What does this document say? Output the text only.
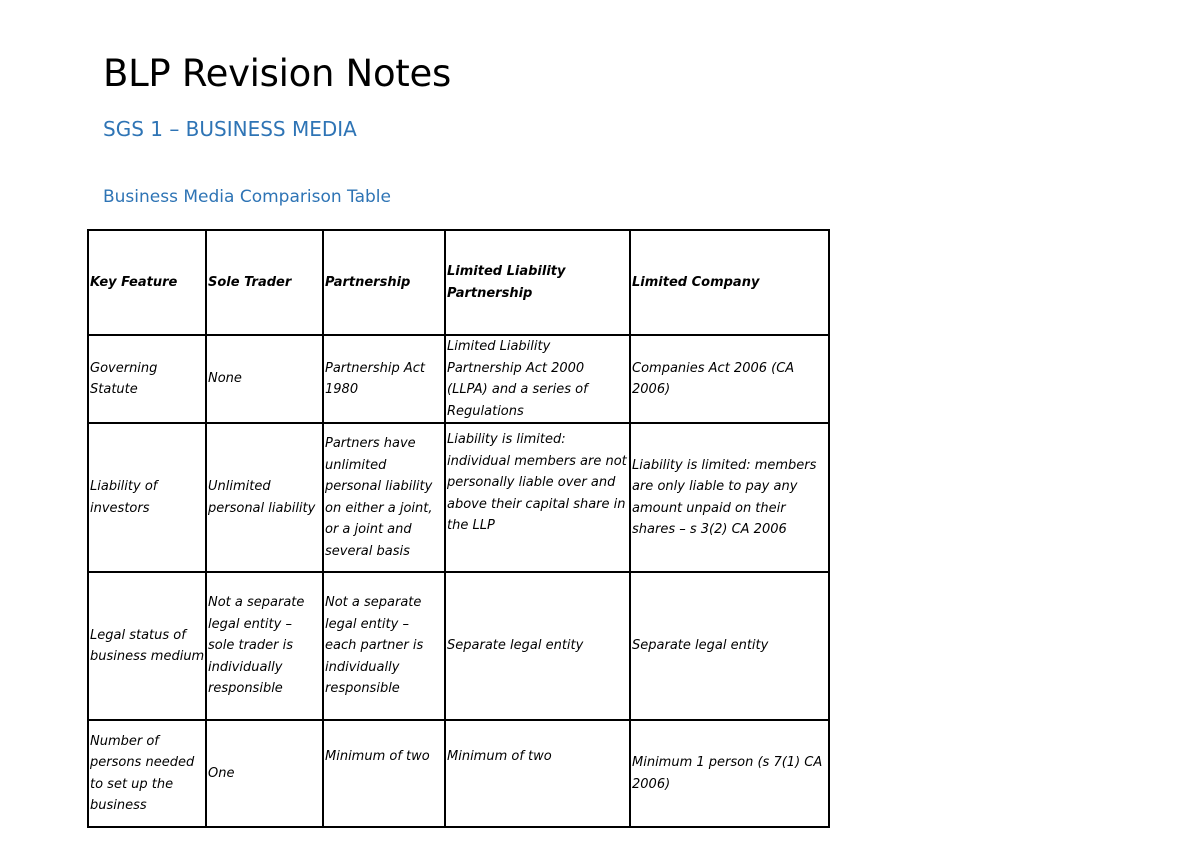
BLP Revision Notes
SGS 1 – BUSINESS MEDIA
Business Media Comparison Table
Key Feature	Sole Trader	Partnership	Limited Liability Partnership	Limited Company
Governing Statute	None	Partnership Act 1980	Limited Liability Partnership Act 2000 (LLPA) and a series of Regulations	Companies Act 2006 (CA 2006)
Liability of investors	Unlimited personal liability	Partners have unlimited personal liability on either a joint, or a joint and several basis	Liability is limited: individual members are not personally liable over and above their capital share in the LLP	Liability is limited: members are only liable to pay any amount unpaid on their shares – s 3(2) CA 2006
Legal status of business medium	Not a separate legal entity – sole trader is individually responsible	Not a separate legal entity – each partner is individually responsible	Separate legal entity	Separate legal entity
Number of persons needed to set up the business	One	Minimum of two	Minimum of two	Minimum 1 person (s 7(1) CA 2006)
